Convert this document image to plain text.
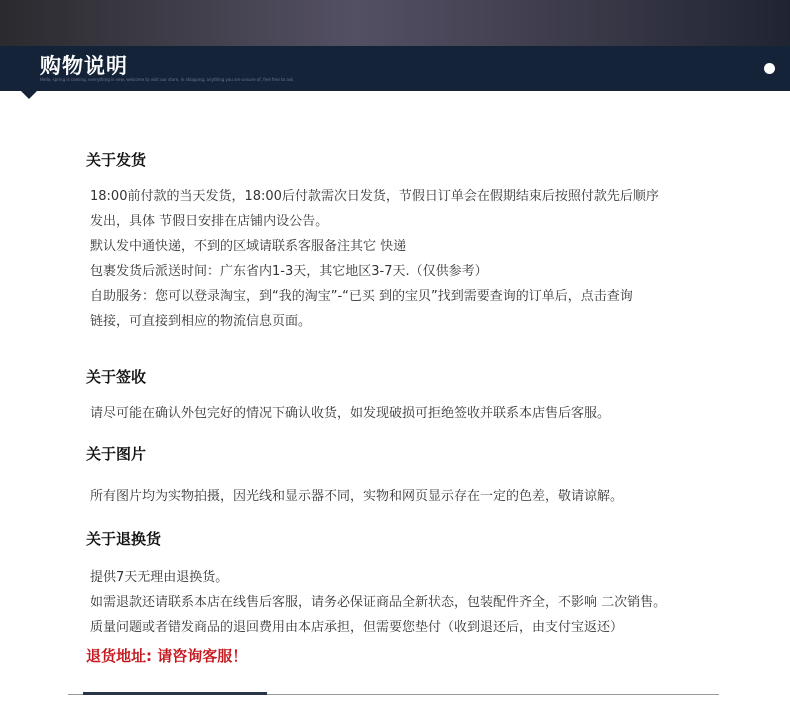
购物说明
Hello, spring is coming, everything is new, welcome to visit our store, in shopping, anything you are unsure of, feel free to ask
关于发货

18:00前付款的当天发货，18:00后付款需次日发货，节假日订单会在假期结束后按照付款先后顺序

发出，具体 节假日安排在店铺内设公告。

默认发中通快递，不到的区域请联系客服备注其它 快递

包裹发货后派送时间：广东省内1-3天，其它地区3-7天.（仅供参考）

自助服务：您可以登录淘宝，到“我的淘宝”-“已买 到的宝贝”找到需要查询的订单后，点击查询

链接，可直接到相应的物流信息页面。

关于签收

请尽可能在确认外包完好的情况下确认收货，如发现破损可拒绝签收并联系本店售后客服。

关于图片

所有图片均为实物拍摄，因光线和显示器不同，实物和网页显示存在一定的色差，敬请谅解。

关于退换货

提供7天无理由退换货。

如需退款还请联系本店在线售后客服，请务必保证商品全新状态，包装配件齐全，不影响 二次销售。

质量问题或者错发商品的退回费用由本店承担，但需要您垫付（收到退还后，由支付宝返还）

退货地址: 请咨询客服！
